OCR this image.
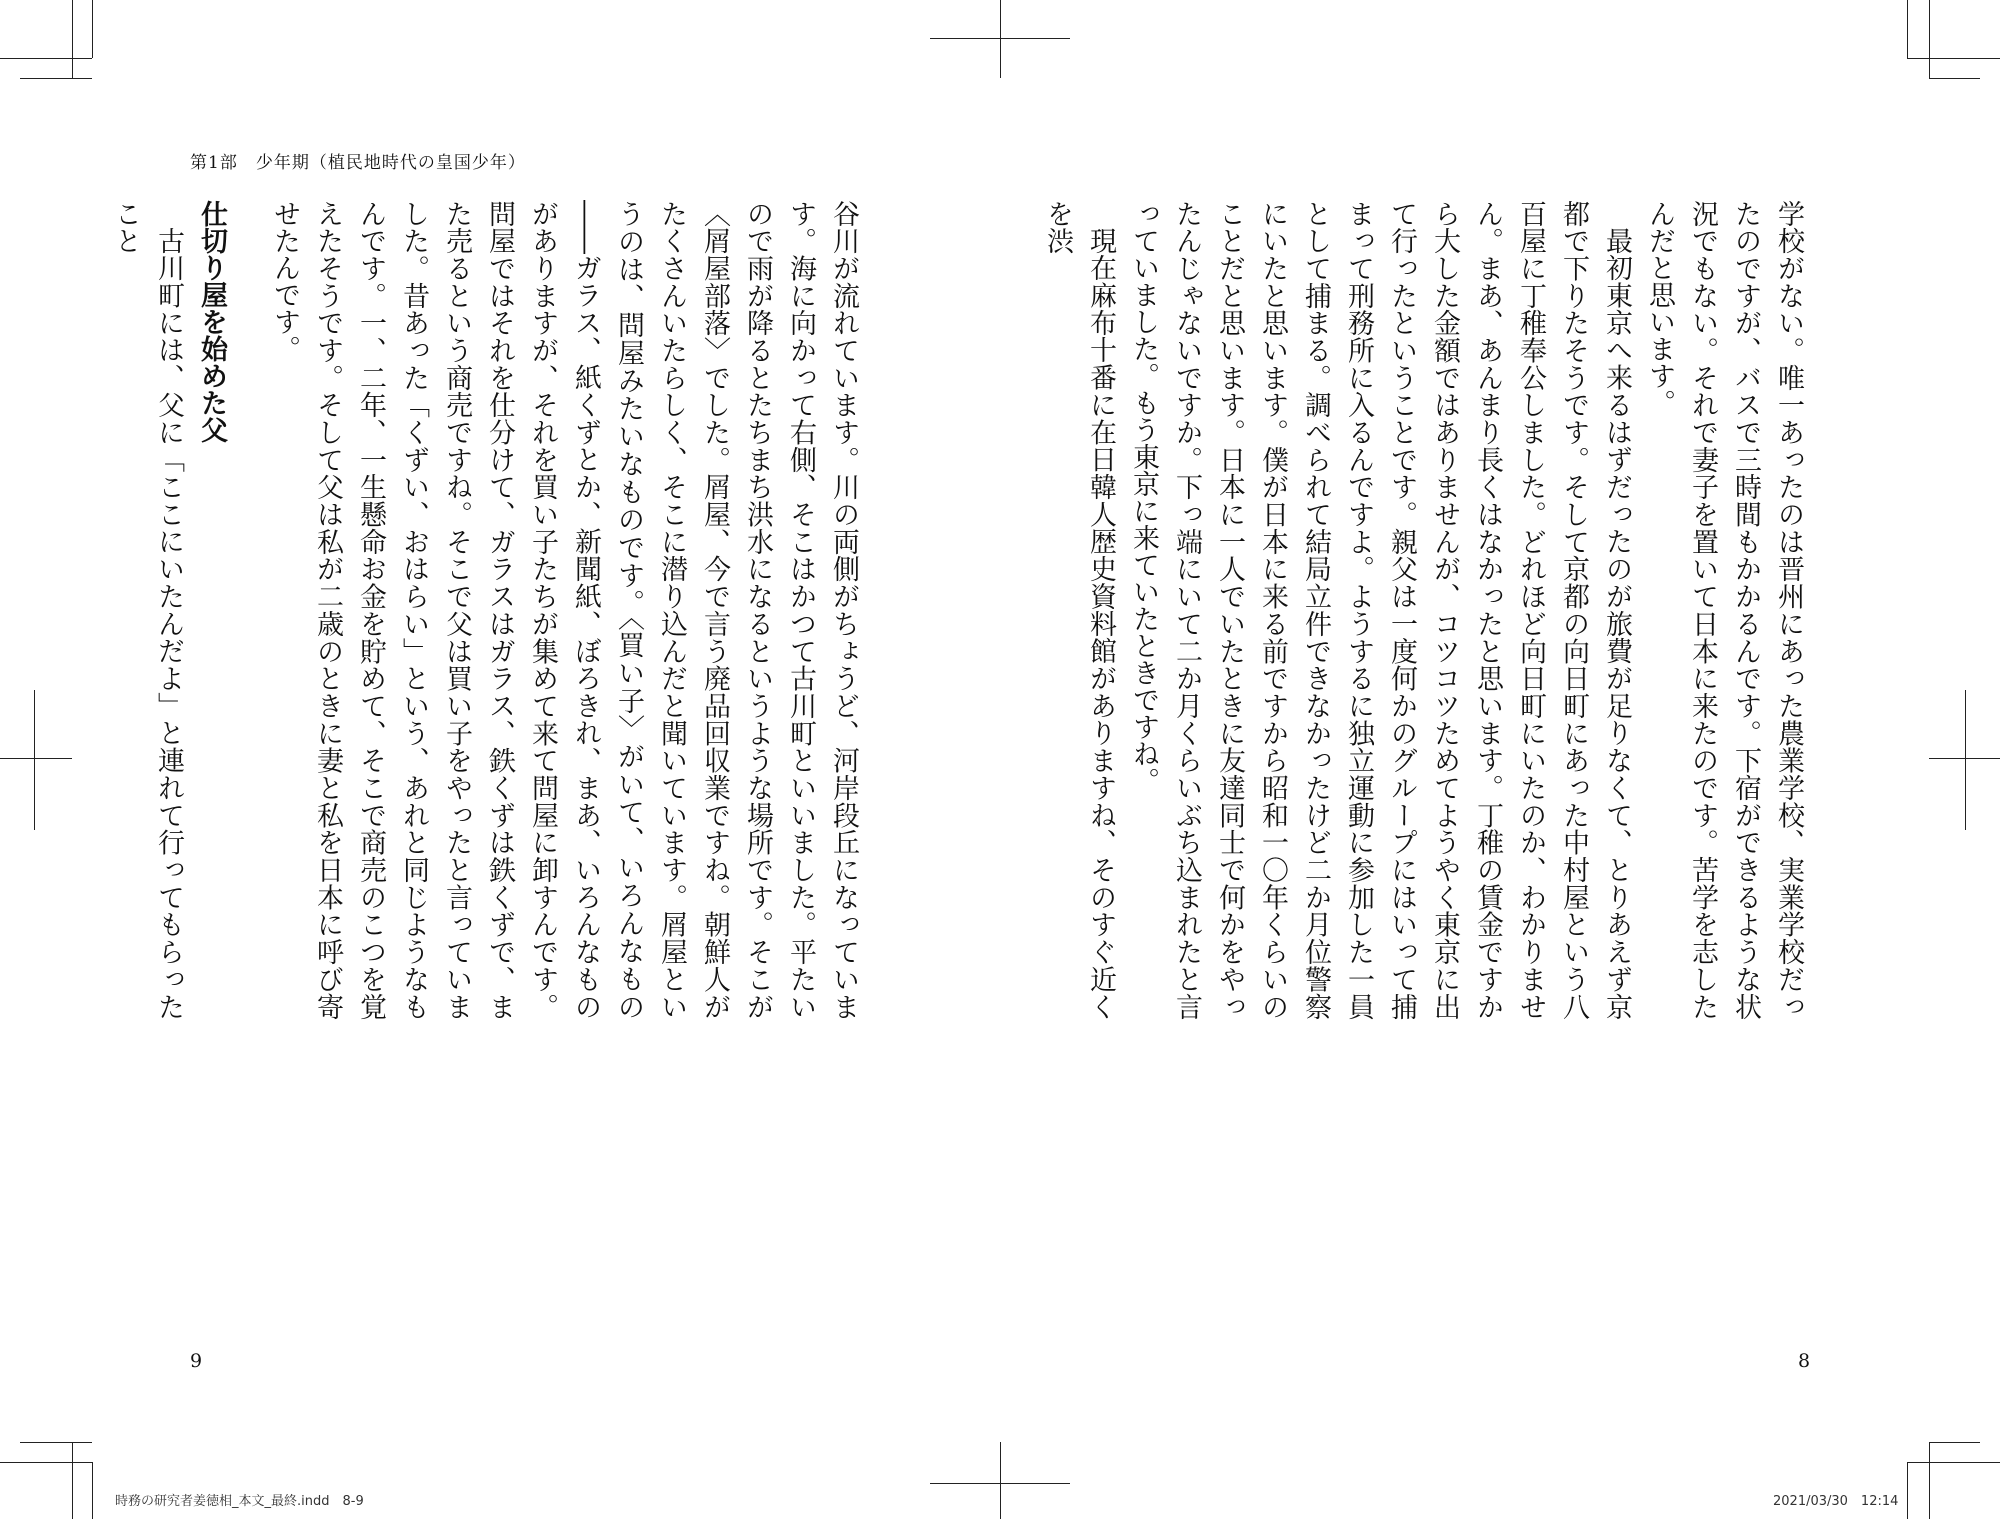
第1部　少年期（植民地時代の皇国少年）

学校がない。唯一あったのは晋州にあった農業学校、実業学校だったのですが、バスで三時間もかかるんです。下宿ができるような状況でもない。それで妻子を置いて日本に来たのです。苦学を志したんだと思います。

最初東京へ来るはずだったのが旅費が足りなくて、とりあえず京都で下りたそうです。そして京都の向日町にあった中村屋という八百屋に丁稚奉公しました。どれほど向日町にいたのか、わかりません。まあ、あんまり長くはなかったと思います。丁稚の賃金ですから大した金額ではありませんが、コツコツためてようやく東京に出て行ったということです。親父は一度何かのグループにはいって捕まって刑務所に入るんですよ。ようするに独立運動に参加した一員として捕まる。調べられて結局立件できなかったけど二か月位警察にいたと思います。僕が日本に来る前ですから昭和一〇年くらいのことだと思います。日本に一人でいたときに友達同士で何かをやったんじゃないですか。下っ端にいて二か月くらいぶち込まれたと言っていました。もう東京に来ていたときですね。

現在麻布十番に在日韓人歴史資料館がありますね、そのすぐ近くを渋

谷川が流れています。川の両側がちょうど、河岸段丘になっています。海に向かって右側、そこはかつて古川町といいました。平たいので雨が降るとたちまち洪水になるというような場所です。そこが〈屑屋部落〉でした。屑屋、今で言う廃品回収業ですね。朝鮮人がたくさんいたらしく、そこに潜り込んだと聞いています。屑屋というのは、問屋みたいなものです。〈買い子〉がいて、いろんなもの――ガラス、紙くずとか、新聞紙、ぼろきれ、まあ、いろんなものがありますが、それを買い子たちが集めて来て問屋に卸すんです。問屋ではそれを仕分けて、ガラスはガラス、鉄くずは鉄くずで、また売るという商売ですね。そこで父は買い子をやったと言っていました。昔あった「くずい、おはらい」という、あれと同じようなもんです。一、二年、一生懸命お金を貯めて、そこで商売のこつを覚えたそうです。そして父は私が二歳のときに妻と私を日本に呼び寄せたんです。

仕切り屋を始めた父

古川町には、父に「ここにいたんだよ」と連れて行ってもらったこと

9	8
時務の研究者姜徳相_本文_最終.indd　8-9	2021/03/30　12:14
